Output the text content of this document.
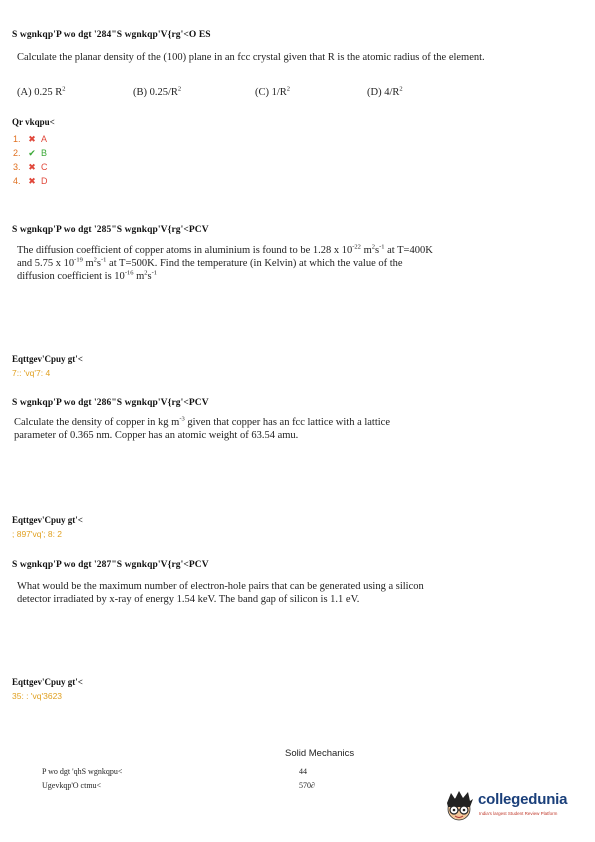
S wgnkqp'P wo dgt '284"S wgnkqp'V{rg'<O ES
Calculate the planar density of the (100) plane in an fcc crystal given that R is the atomic radius of the element.
(A) 0.25 $R^2$	(B) $0.25/R^2$	(C) $1/R^2$	(D) $4/R^2$
Qr vkqpu<
1. ✖ A
2. ✔ B
3. ✖ C
4. ✖ D
S wgnkqp'P wo dgt '285"S wgnkqp'V{rg'<PCV
The diffusion coefficient of copper atoms in aluminium is found to be 1.28 x $10^{-22}$ $m^2s^{-1}$ at T=400K
and 5.75 x $10^{-19}$ $m^2s^{-1}$ at T=500K. Find the temperature (in Kelvin) at which the value of the
diffusion coefficient is $10^{-16}$ $m^2s^{-1}$
Eqttgev'Cpuy gt'<
7:: 'vq'7: 4
S wgnkqp'P wo dgt '286"S wgnkqp'V{rg'<PCV
Calculate the density of copper in kg $m^{-3}$ given that copper has an fcc lattice with a lattice
parameter of 0.365 nm. Copper has an atomic weight of 63.54 amu.
Eqttgev'Cpuy gt'<
; 897'vq'; 8: 2
S wgnkqp'P wo dgt '287"S wgnkqp'V{rg'<PCV
What would be the maximum number of electron-hole pairs that can be generated using a silicon
detector irradiated by x-ray of energy 1.54 keV. The band gap of silicon is 1.1 eV.
Eqttgev'Cpuy gt'<
35: : 'vq'3623
Solid Mechanics
P wo dgt 'qhS wgnkqpu<	44
Ugevkqp'O ctmu<	570∂
collegedunia
India's largest Student Review Platform
